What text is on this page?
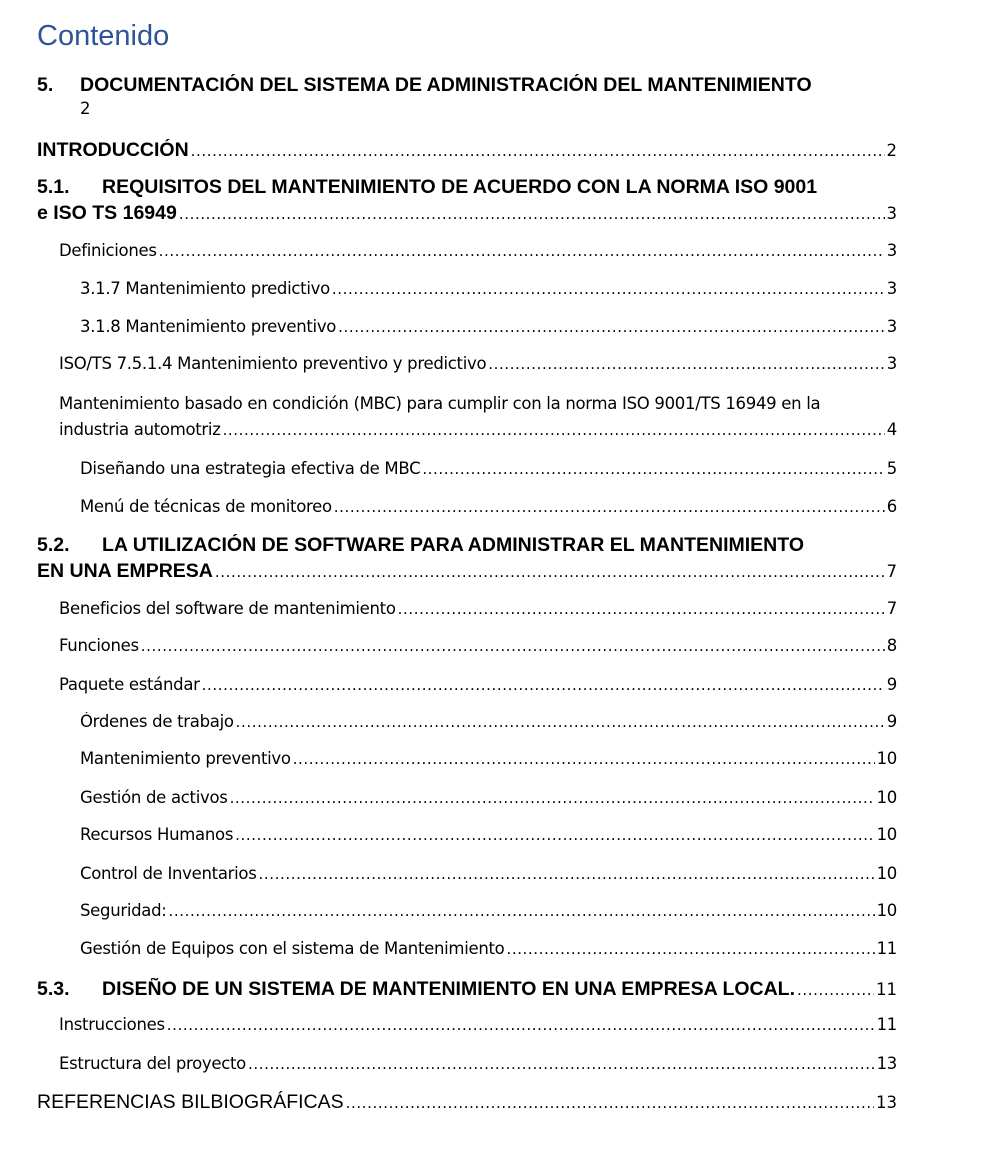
Contenido
5. DOCUMENTACIÓN DEL SISTEMA DE ADMINISTRACIÓN DEL MANTENIMIENTO
2
INTRODUCCIÓN .....	2
5.1. REQUISITOS DEL MANTENIMIENTO DE ACUERDO CON LA NORMA ISO 9001
e ISO TS 16949 .....	3
Definiciones .....	3
3.1.7 Mantenimiento predictivo .....	3
3.1.8 Mantenimiento preventivo .....	3
ISO/TS 7.5.1.4 Mantenimiento preventivo y predictivo .....	3
Mantenimiento basado en condición (MBC) para cumplir con la norma ISO 9001/TS 16949 en la
industria automotriz .....	4
Diseñando una estrategia efectiva de MBC .....	5
Menú de técnicas de monitoreo .....	6
5.2. LA UTILIZACIÓN DE SOFTWARE PARA ADMINISTRAR EL MANTENIMIENTO
EN UNA EMPRESA .....	7
Beneficios del software de mantenimiento .....	7
Funciones .....	8
Paquete estándar .....	9
Órdenes de trabajo .....	9
Mantenimiento preventivo .....	10
Gestión de activos .....	10
Recursos Humanos .....	10
Control de Inventarios .....	10
Seguridad: .....	10
Gestión de Equipos con el sistema de Mantenimiento .....	11
5.3. DISEÑO DE UN SISTEMA DE MANTENIMIENTO EN UNA EMPRESA LOCAL. .....	11
Instrucciones .....	11
Estructura del proyecto .....	13
REFERENCIAS BILBIOGRÁFICAS .....	13
